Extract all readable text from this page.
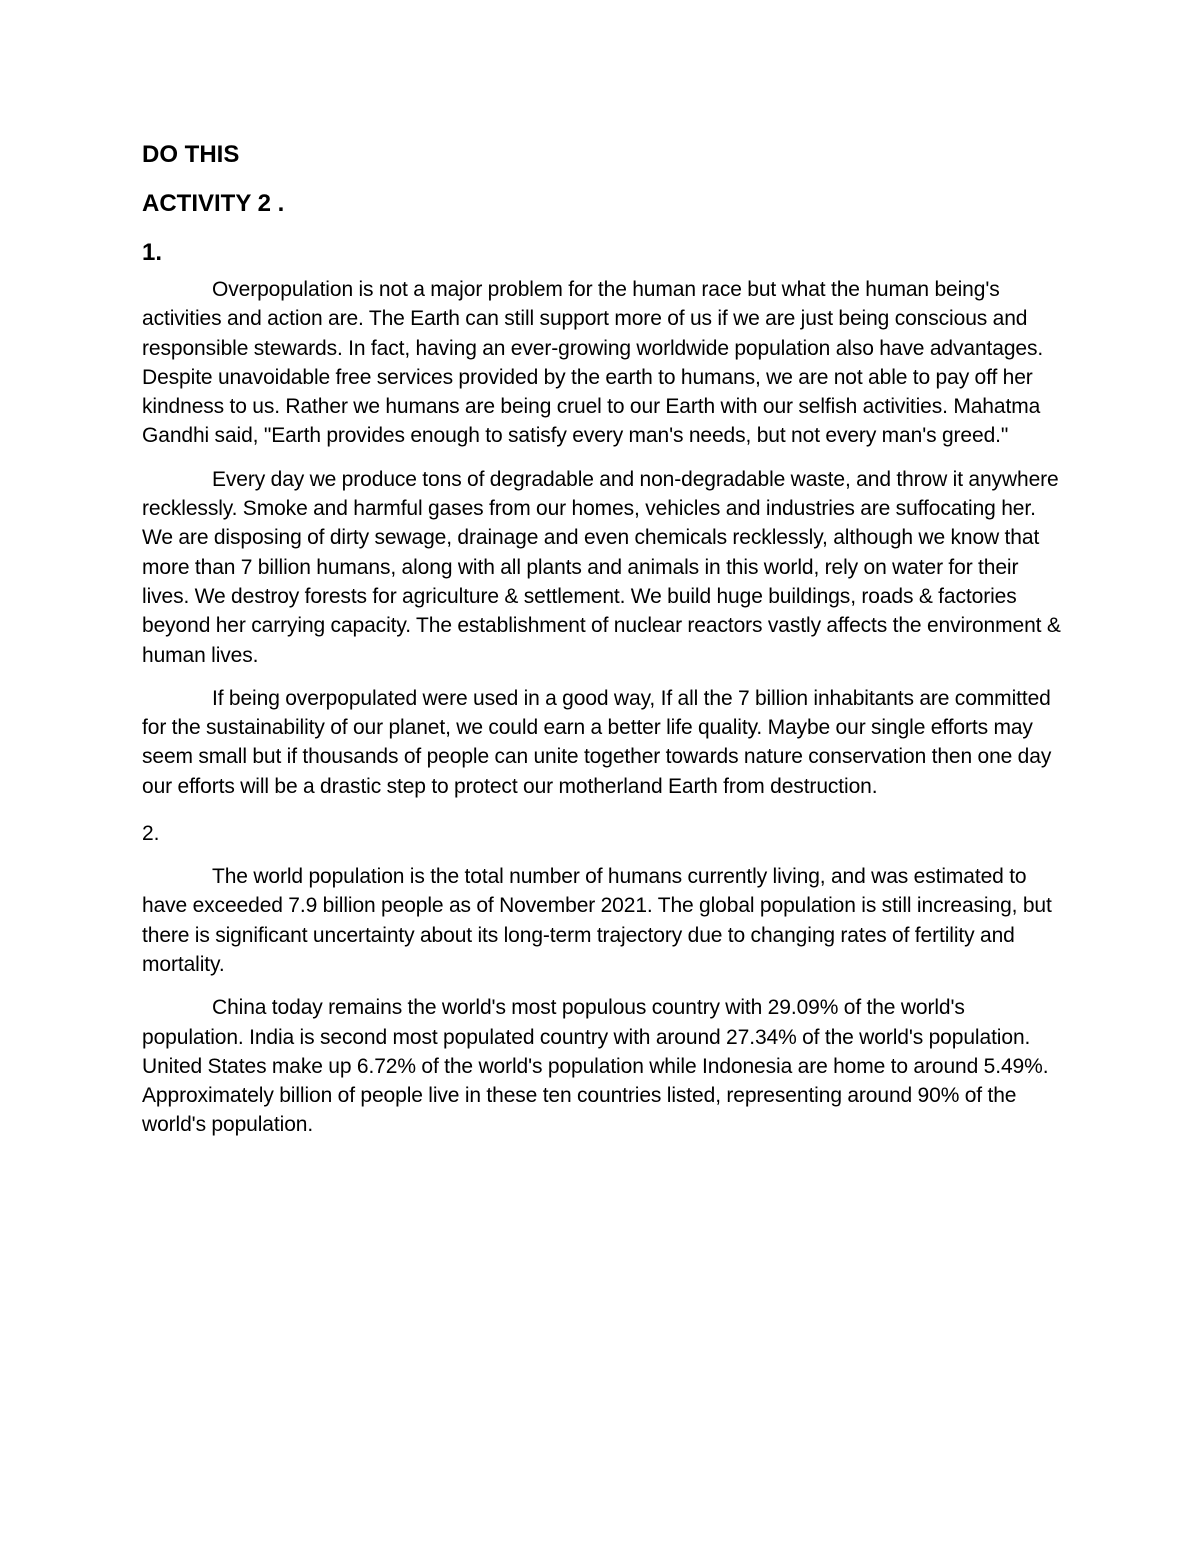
DO THIS

ACTIVITY 2 .

1.

Overpopulation is not a major problem for the human race but what the human being's activities and action are. The Earth can still support more of us if we are just being conscious and responsible stewards. In fact, having an ever-growing worldwide population also have advantages. Despite unavoidable free services provided by the earth to humans, we are not able to pay off her kindness to us. Rather we humans are being cruel to our Earth with our selfish activities. Mahatma Gandhi said, "Earth provides enough to satisfy every man's needs, but not every man's greed."

Every day we produce tons of degradable and non-degradable waste, and throw it anywhere recklessly. Smoke and harmful gases from our homes, vehicles and industries are suffocating her. We are disposing of dirty sewage, drainage and even chemicals recklessly, although we know that more than 7 billion humans, along with all plants and animals in this world, rely on water for their lives. We destroy forests for agriculture & settlement. We build huge buildings, roads & factories beyond her carrying capacity. The establishment of nuclear reactors vastly affects the environment & human lives.

If being overpopulated were used in a good way, If all the 7 billion inhabitants are committed for the sustainability of our planet, we could earn a better life quality. Maybe our single efforts may seem small but if thousands of people can unite together towards nature conservation then one day our efforts will be a drastic step to protect our motherland Earth from destruction.

2.

The world population is the total number of humans currently living, and was estimated to have exceeded 7.9 billion people as of November 2021. The global population is still increasing, but there is significant uncertainty about its long-term trajectory due to changing rates of fertility and mortality.

China today remains the world's most populous country with 29.09% of the world's population. India is second most populated country with around 27.34% of the world's population. United States make up 6.72% of the world's population while Indonesia are home to around 5.49%. Approximately billion of people live in these ten countries listed, representing around 90% of the world's population.
